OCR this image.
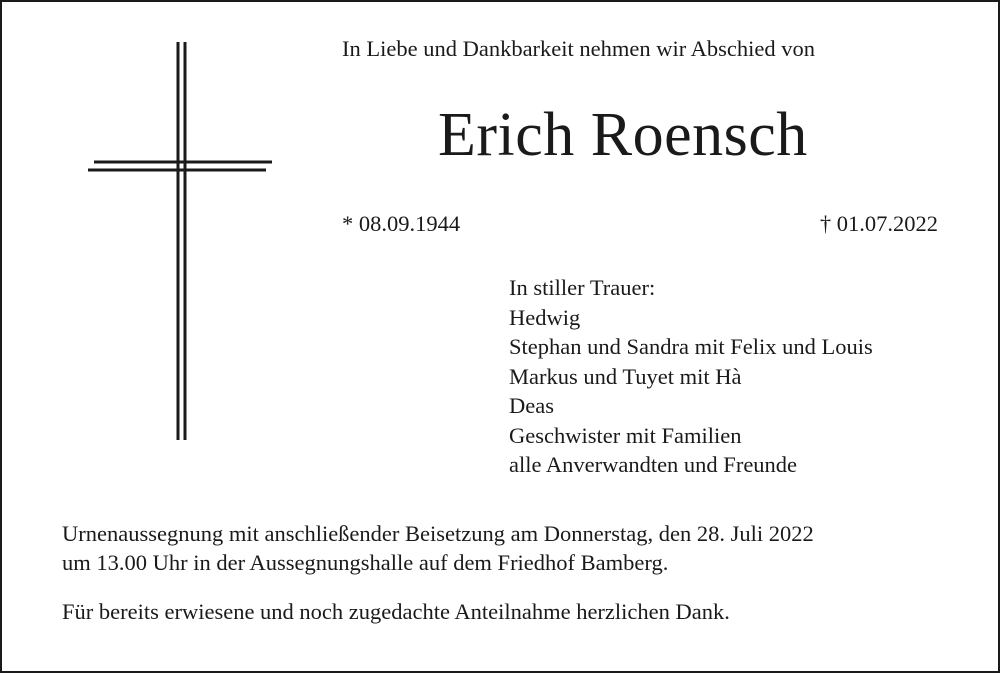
In Liebe und Dankbarkeit nehmen wir Abschied von
Erich Roensch
* 08.09.1944	† 01.07.2022
In stiller Trauer:
Hedwig
Stephan und Sandra mit Felix und Louis
Markus und Tuyet mit Hà
Deas
Geschwister mit Familien
alle Anverwandten und Freunde
Urnenaussegnung mit anschließender Beisetzung am Donnerstag, den 28. Juli 2022
um 13.00 Uhr in der Aussegnungshalle auf dem Friedhof Bamberg.
Für bereits erwiesene und noch zugedachte Anteilnahme herzlichen Dank.
